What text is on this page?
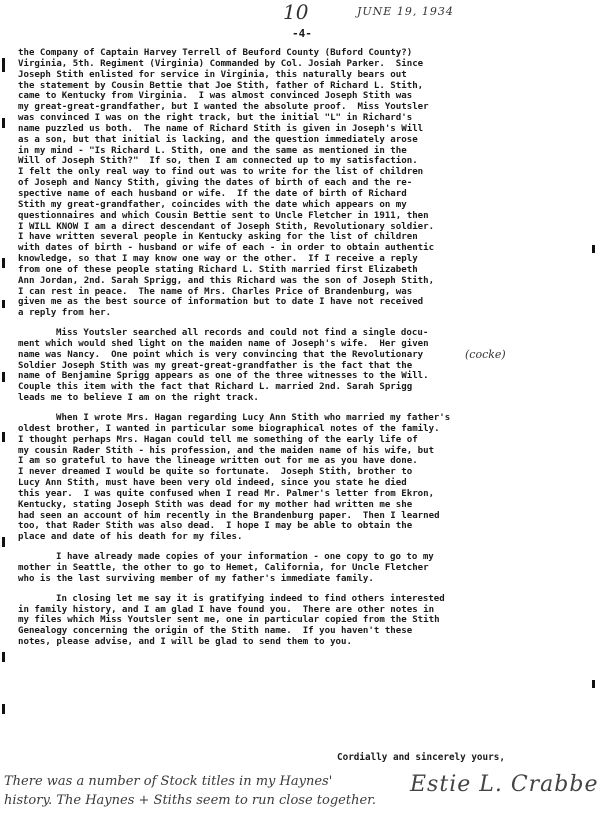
10	JUNE 19, 1934
-4-
the Company of Captain Harvey Terrell of Beuford County (Buford County?)
Virginia, 5th. Regiment (Virginia) Commanded by Col. Josiah Parker.  Since
Joseph Stith enlisted for service in Virginia, this naturally bears out
the statement by Cousin Bettie that Joe Stith, father of Richard L. Stith,
came to Kentucky from Virginia.  I was almost convinced Joseph Stith was
my great-great-grandfather, but I wanted the absolute proof.  Miss Youtsler
was convinced I was on the right track, but the initial "L" in Richard's
name puzzled us both.  The name of Richard Stith is given in Joseph's Will
as a son, but that initial is lacking, and the question immediately arose
in my mind - "Is Richard L. Stith, one and the same as mentioned in the
Will of Joseph Stith?"  If so, then I am connected up to my satisfaction.
I felt the only real way to find out was to write for the list of children
of Joseph and Nancy Stith, giving the dates of birth of each and the re-
spective name of each husband or wife.  If the date of birth of Richard
Stith my great-grandfather, coincides with the date which appears on my
questionnaires and which Cousin Bettie sent to Uncle Fletcher in 1911, then
I WILL KNOW I am a direct descendant of Joseph Stith, Revolutionary soldier.
I have written several people in Kentucky asking for the list of children
with dates of birth - husband or wife of each - in order to obtain authentic
knowledge, so that I may know one way or the other.  If I receive a reply
from one of these people stating Richard L. Stith married first Elizabeth
Ann Jordan, 2nd. Sarah Sprigg, and this Richard was the son of Joseph Stith,
I can rest in peace.  The name of Mrs. Charles Price of Brandenburg, was
given me as the best source of information but to date I have not received
a reply from her.
Miss Youtsler searched all records and could not find a single docu-
ment which would shed light on the maiden name of Joseph's wife.  Her given
name was Nancy.  One point which is very convincing that the Revolutionary
Soldier Joseph Stith was my great-great-grandfather is the fact that the
name of Benjamine Sprigg appears as one of the three witnesses to the Will.
Couple this item with the fact that Richard L. married 2nd. Sarah Sprigg
leads me to believe I am on the right track.
When I wrote Mrs. Hagan regarding Lucy Ann Stith who married my father's
oldest brother, I wanted in particular some biographical notes of the family.
I thought perhaps Mrs. Hagan could tell me something of the early life of
my cousin Rader Stith - his profession, and the maiden name of his wife, but
I am so grateful to have the lineage written out for me as you have done.
I never dreamed I would be quite so fortunate.  Joseph Stith, brother to
Lucy Ann Stith, must have been very old indeed, since you state he died
this year.  I was quite confused when I read Mr. Palmer's letter from Ekron,
Kentucky, stating Joseph Stith was dead for my mother had written me she
had seen an account of him recently in the Brandenburg paper.  Then I learned
too, that Rader Stith was also dead.  I hope I may be able to obtain the
place and date of his death for my files.
I have already made copies of your information - one copy to go to my
mother in Seattle, the other to go to Hemet, California, for Uncle Fletcher
who is the last surviving member of my father's immediate family.
In closing let me say it is gratifying indeed to find others interested
in family history, and I am glad I have found you.  There are other notes in
my files which Miss Youtsler sent me, one in particular copied from the Stith
Genealogy concerning the origin of the Stith name.  If you haven't these
notes, please advise, and I will be glad to send them to you.
(cocke)
Cordially and sincerely yours,
Estie L. Crabbe
There was a number of Stock titles in my Haynes'
history. The Haynes + Stiths seem to run close together.
